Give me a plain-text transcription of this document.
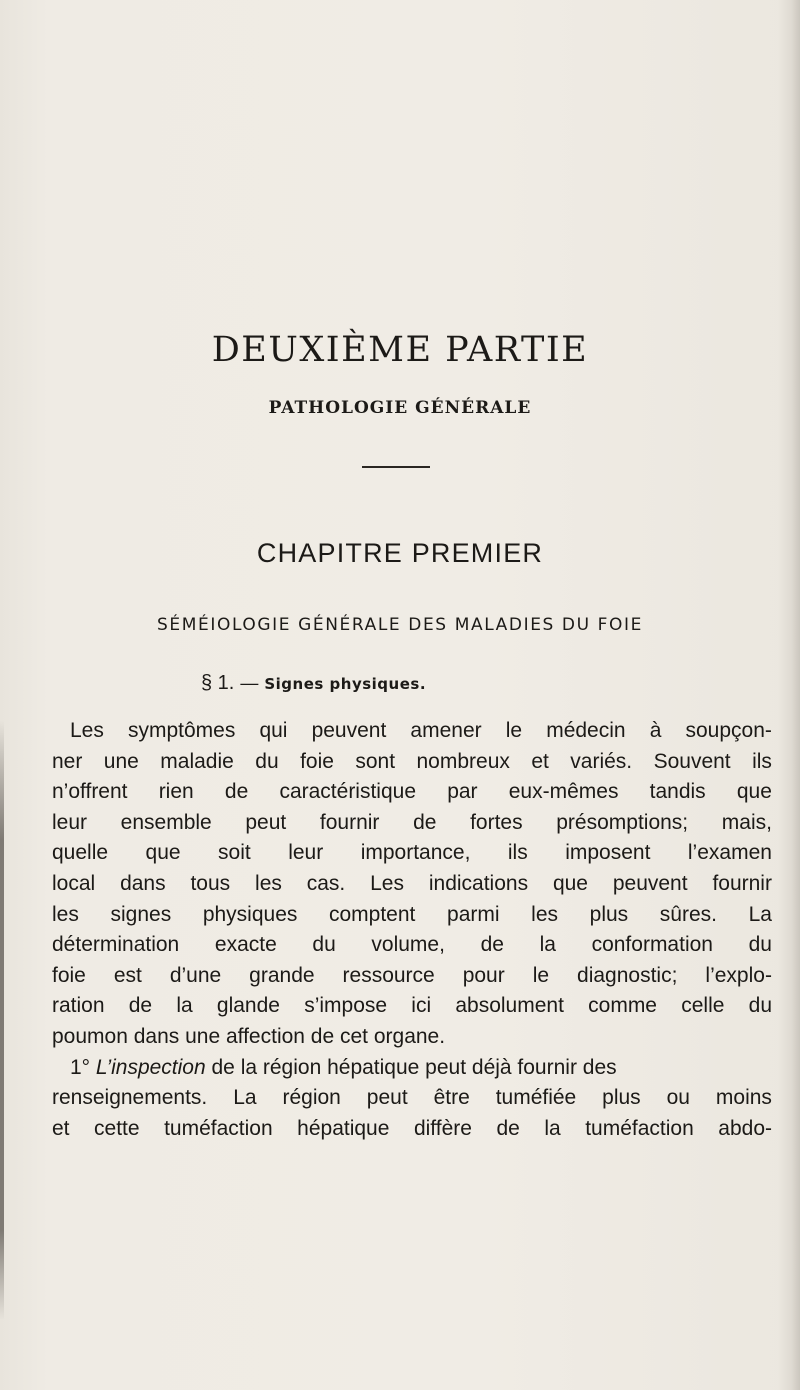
DEUXIÈME PARTIE
PATHOLOGIE GÉNÉRALE
CHAPITRE PREMIER
SÉMÉIOLOGIE GÉNÉRALE DES MALADIES DU FOIE
§ 1. — Signes physiques.
Les symptômes qui peuvent amener le médecin à soupçon-
ner une maladie du foie sont nombreux et variés. Souvent ils
n’offrent rien de caractéristique par eux-mêmes tandis que
leur ensemble peut fournir de fortes présomptions; mais,
quelle que soit leur importance, ils imposent l’examen
local dans tous les cas. Les indications que peuvent fournir
les signes physiques comptent parmi les plus sûres. La
détermination exacte du volume, de la conformation du
foie est d’une grande ressource pour le diagnostic; l’explo-
ration de la glande s’impose ici absolument comme celle du
poumon dans une affection de cet organe.
1° L’inspection de la région hépatique peut déjà fournir des
renseignements. La région peut être tuméfiée plus ou moins
et cette tuméfaction hépatique diffère de la tuméfaction abdo-
